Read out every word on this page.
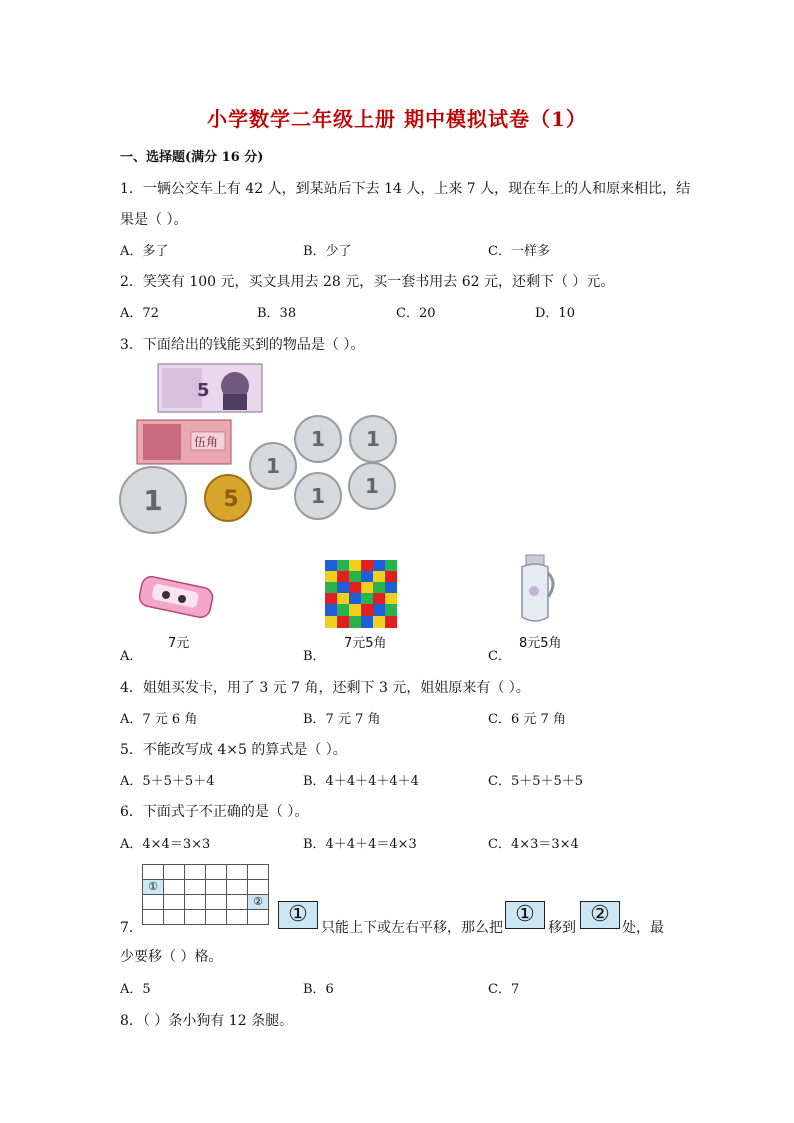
小学数学二年级上册 期中模拟试卷（1）
一、选择题(满分 16 分)
1．一辆公交车上有 42 人，到某站后下去 14 人，上来 7 人，现在车上的人和原来相比，结
果是（ ）。
A．多了	B．少了	C．一样多
2．笑笑有 100 元，买文具用去 28 元，买一套书用去 62 元，还剩下（ ）元。
A．72	B．38	C．20	D．10
3．下面给出的钱能买到的物品是（ ）。
5
伍角
1
1 1
1 1
1	5
7元	7元5角	8元5角
A．	B．	C．
4．姐姐买发卡，用了 3 元 7 角，还剩下 3 元，姐姐原来有（ ）。
A．7 元 6 角	B．7 元 7 角	C．6 元 7 角
5．不能改写成 4×5 的算式是（ ）。
A．5＋5＋5＋4	B．4＋4＋4＋4＋4	C．5＋5＋5＋5
6．下面式子不正确的是（ ）。
A．4×4＝3×3	B．4＋4＋4＝4×3	C．4×3＝3×4

①					
					②

7．
①
只能上下或左右平移，那么把
①
移到
②
处，最
少要移（ ）格。
A．5	B．6	C．7
8．（ ）条小狗有 12 条腿。
